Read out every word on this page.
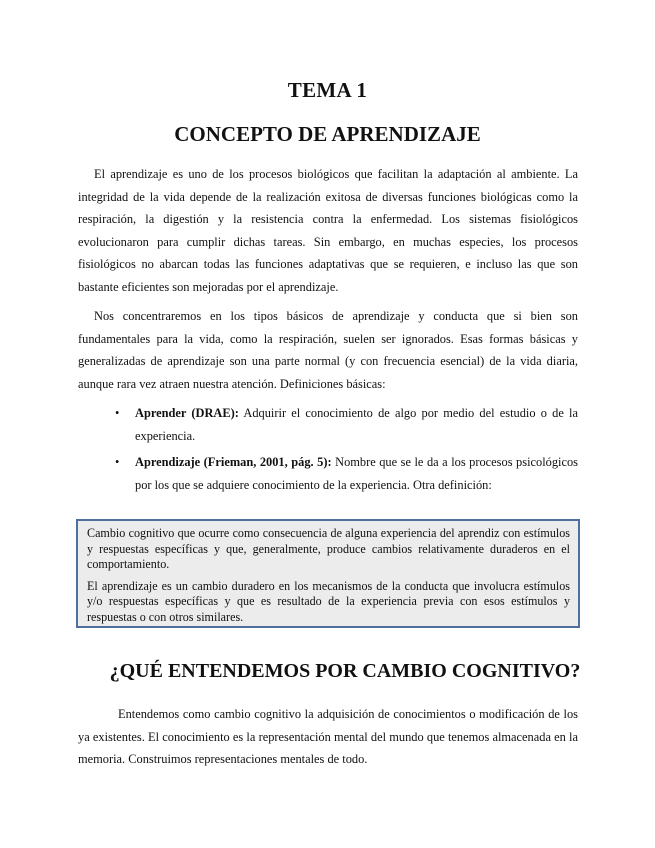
TEMA 1
CONCEPTO DE APRENDIZAJE

El aprendizaje es uno de los procesos biológicos que facilitan la adaptación al ambiente. La integridad de la vida depende de la realización exitosa de diversas funciones biológicas como la respiración, la digestión y la resistencia contra la enfermedad. Los sistemas fisiológicos evolucionaron para cumplir dichas tareas. Sin embargo, en muchas especies, los procesos fisiológicos no abarcan todas las funciones adaptativas que se requieren, e incluso las que son bastante eficientes son mejoradas por el aprendizaje.

Nos concentraremos en los tipos básicos de aprendizaje y conducta que si bien son fundamentales para la vida, como la respiración, suelen ser ignorados. Esas formas básicas y generalizadas de aprendizaje son una parte normal (y con frecuencia esencial) de la vida diaria, aunque rara vez atraen nuestra atención. Definiciones básicas:

• Aprender (DRAE): Adquirir el conocimiento de algo por medio del estudio o de la experiencia.
• Aprendizaje (Frieman, 2001, pág. 5): Nombre que se le da a los procesos psicológicos por los que se adquiere conocimiento de la experiencia. Otra definición:

Cambio cognitivo que ocurre como consecuencia de alguna experiencia del aprendiz con estímulos y respuestas específicas y que, generalmente, produce cambios relativamente duraderos en el comportamiento.

El aprendizaje es un cambio duradero en los mecanismos de la conducta que involucra estímulos y/o respuestas específicas y que es resultado de la experiencia previa con esos estímulos y respuestas o con otros similares.

¿QUÉ ENTENDEMOS POR CAMBIO COGNITIVO?

Entendemos como cambio cognitivo la adquisición de conocimientos o modificación de los ya existentes. El conocimiento es la representación mental del mundo que tenemos almacenada en la memoria. Construimos representaciones mentales de todo.
